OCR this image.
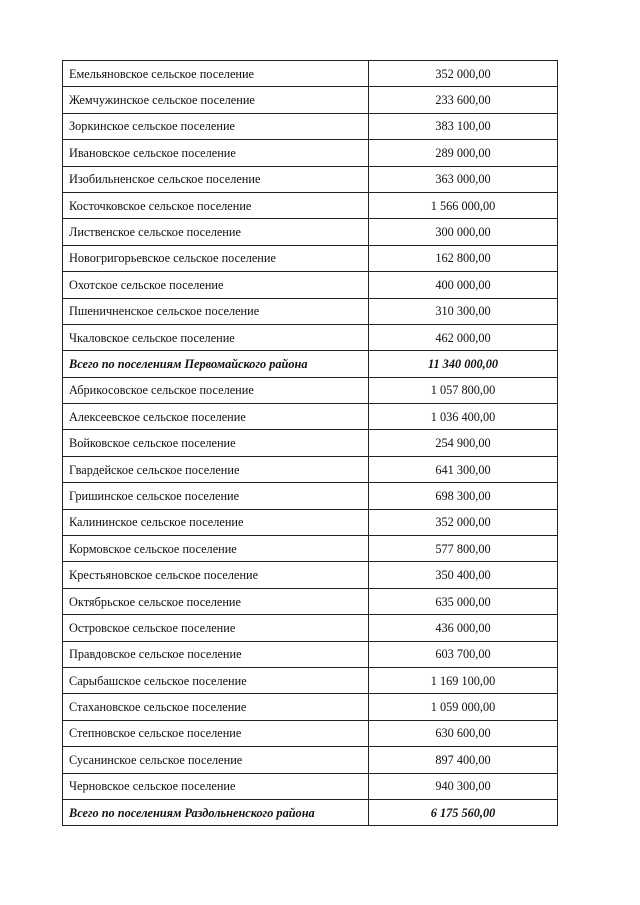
Емельяновское сельское поселение	352 000,00
Жемчужинское сельское поселение	233 600,00
Зоркинское сельское поселение	383 100,00
Ивановское сельское поселение	289 000,00
Изобильненское сельское поселение	363 000,00
Косточковское сельское поселение	1 566 000,00
Лиственское сельское поселение	300 000,00
Новогригорьевское сельское поселение	162 800,00
Охотское сельское поселение	400 000,00
Пшеничненское сельское поселение	310 300,00
Чкаловское сельское поселение	462 000,00
Всего по поселениям Первомайского района	11 340 000,00
Абрикосовское сельское поселение	1 057 800,00
Алексеевское сельское поселение	1 036 400,00
Войковское сельское поселение	254 900,00
Гвардейское сельское поселение	641 300,00
Гришинское сельское поселение	698 300,00
Калининское сельское поселение	352 000,00
Кормовское сельское поселение	577 800,00
Крестьяновское сельское поселение	350 400,00
Октябрьское сельское поселение	635 000,00
Островское сельское поселение	436 000,00
Правдовское сельское поселение	603 700,00
Сарыбашское сельское поселение	1 169 100,00
Стахановское сельское поселение	1 059 000,00
Степновское сельское поселение	630 600,00
Сусанинское сельское поселение	897 400,00
Черновское сельское поселение	940 300,00
Всего по поселениям Раздольненского района	6 175 560,00
